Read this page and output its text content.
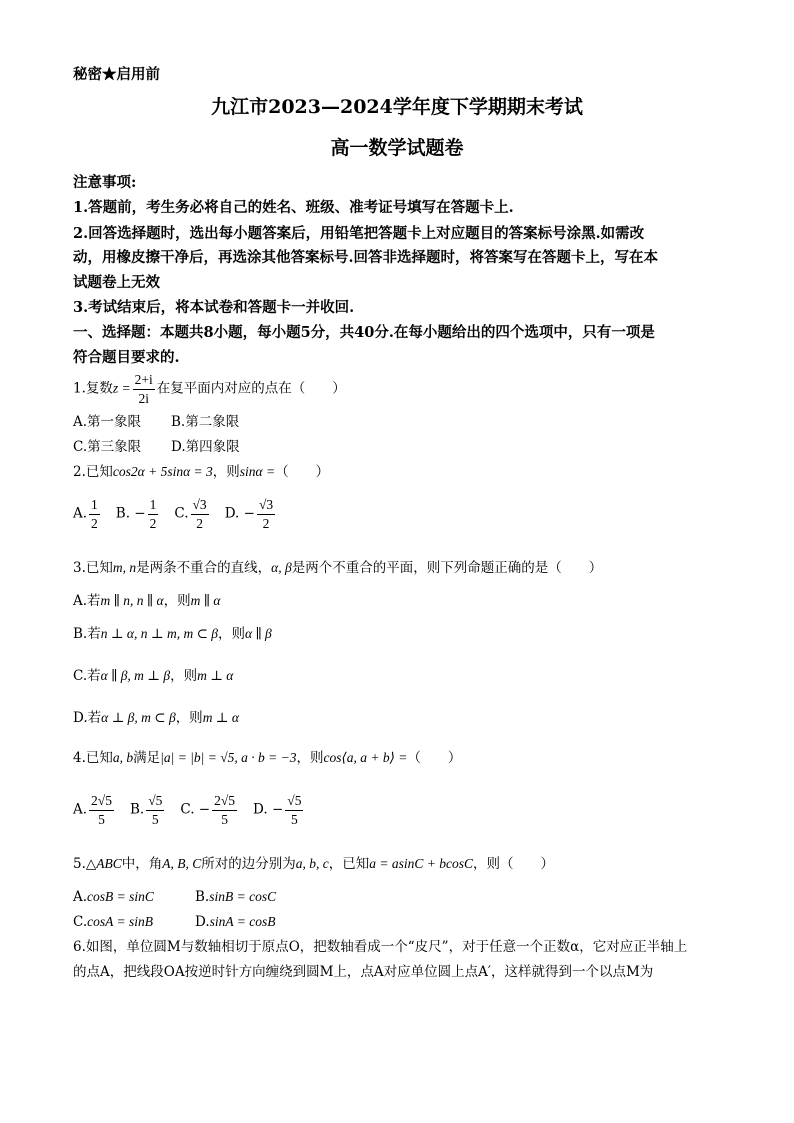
秘密★启用前
九江市2023—2024学年度下学期期末考试
高一数学试题卷
注意事项:
1.答题前，考生务必将自己的姓名、班级、准考证号填写在答题卡上.
2.回答选择题时，选出每小题答案后，用铅笔把答题卡上对应题目的答案标号涂黑.如需改
动，用橡皮擦干净后，再选涂其他答案标号.回答非选择题时，将答案写在答题卡上，写在本
试题卷上无效
3.考试结束后，将本试卷和答题卡一并收回.
一、选择题：本题共8小题，每小题5分，共40分.在每小题给出的四个选项中，只有一项是
符合题目要求的.
1.复数$z = \frac{2+i}{2i}$ 在复平面内对应的点在（　　）
A.第一象限 B.第二象限
C.第三象限 D.第四象限
2.已知cos2α + 5sinα = 3，则sinα =（　　）
A. $\frac{1}{2} B$. − $\frac{1}{2} C$. $\frac{√3}{2} D$. − $\frac{√3}{2}$
3.已知m, n是两条不重合的直线，α, β是两个不重合的平面，则下列命题正确的是（　　）
A.若m ∥ n, n ∥ α，则m ∥ α
B.若n ⊥ α, n ⊥ m, m ⊂ β，则α ∥ β
C.若α ∥ β, m ⊥ β，则m ⊥ α
D.若α ⊥ β, m ⊂ β，则m ⊥ α
4.已知a, b满足|a| = |b| = √5, a · b = −3，则cos⟨a, a + b⟩ =（　　）
A. $\frac{2√5}{5} B$. $\frac{√5}{5} C$. − $\frac{2√5}{5} D$. − $\frac{√5}{5}$
5.△ABC中，角A, B, C所对的边分别为a, b, c，已知a = asinC + bcosC，则（　　）
A.cosB = sinC	B.sinB = cosC
C.cosA = sinB	D.sinA = cosB
6.如图，单位圆M与数轴相切于原点O，把数轴看成一个“皮尺”，对于任意一个正数α，它对应正半轴上
的点A，把线段OA按逆时针方向缠绕到圆M上，点A对应单位圆上点A′，这样就得到一个以点M为
